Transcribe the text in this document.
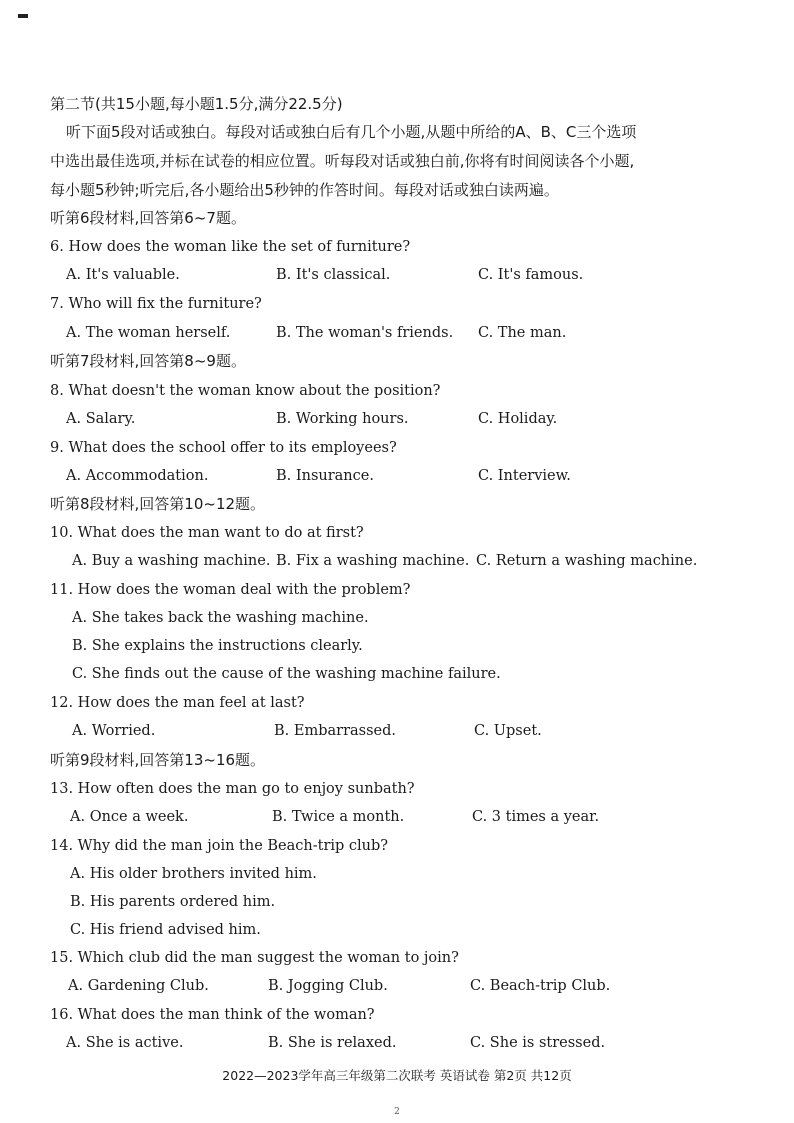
第二节(共15小题,每小题1.5分,满分22.5分)
听下面5段对话或独白。每段对话或独白后有几个小题,从题中所给的A、B、C三个选项
中选出最佳选项,并标在试卷的相应位置。听每段对话或独白前,你将有时间阅读各个小题,
每小题5秒钟;听完后,各小题给出5秒钟的作答时间。每段对话或独白读两遍。
听第6段材料,回答第6~7题。
6. How does the woman like the set of furniture?
A. It's valuable.	B. It's classical.	C. It's famous.
7. Who will fix the furniture?
A. The woman herself.	B. The woman's friends. C. The man.
听第7段材料,回答第8~9题。
8. What doesn't the woman know about the position?
A. Salary.	B. Working hours.	C. Holiday.
9. What does the school offer to its employees?
A. Accommodation.	B. Insurance.	C. Interview.
听第8段材料,回答第10~12题。
10. What does the man want to do at first?
A. Buy a washing machine. B. Fix a washing machine. C. Return a washing machine.
11. How does the woman deal with the problem?
A. She takes back the washing machine.
B. She explains the instructions clearly.
C. She finds out the cause of the washing machine failure.
12. How does the man feel at last?
A. Worried.	B. Embarrassed.	C. Upset.
听第9段材料,回答第13~16题。
13. How often does the man go to enjoy sunbath?
A. Once a week.	B. Twice a month.	C. 3 times a year.
14. Why did the man join the Beach-trip club?
A. His older brothers invited him.
B. His parents ordered him.
C. His friend advised him.
15. Which club did the man suggest the woman to join?
A. Gardening Club.	B. Jogging Club.	C. Beach-trip Club.
16. What does the man think of the woman?
A. She is active.	B. She is relaxed.	C. She is stressed.
2022—2023学年高三年级第二次联考 英语试卷 第2页 共12页
2
